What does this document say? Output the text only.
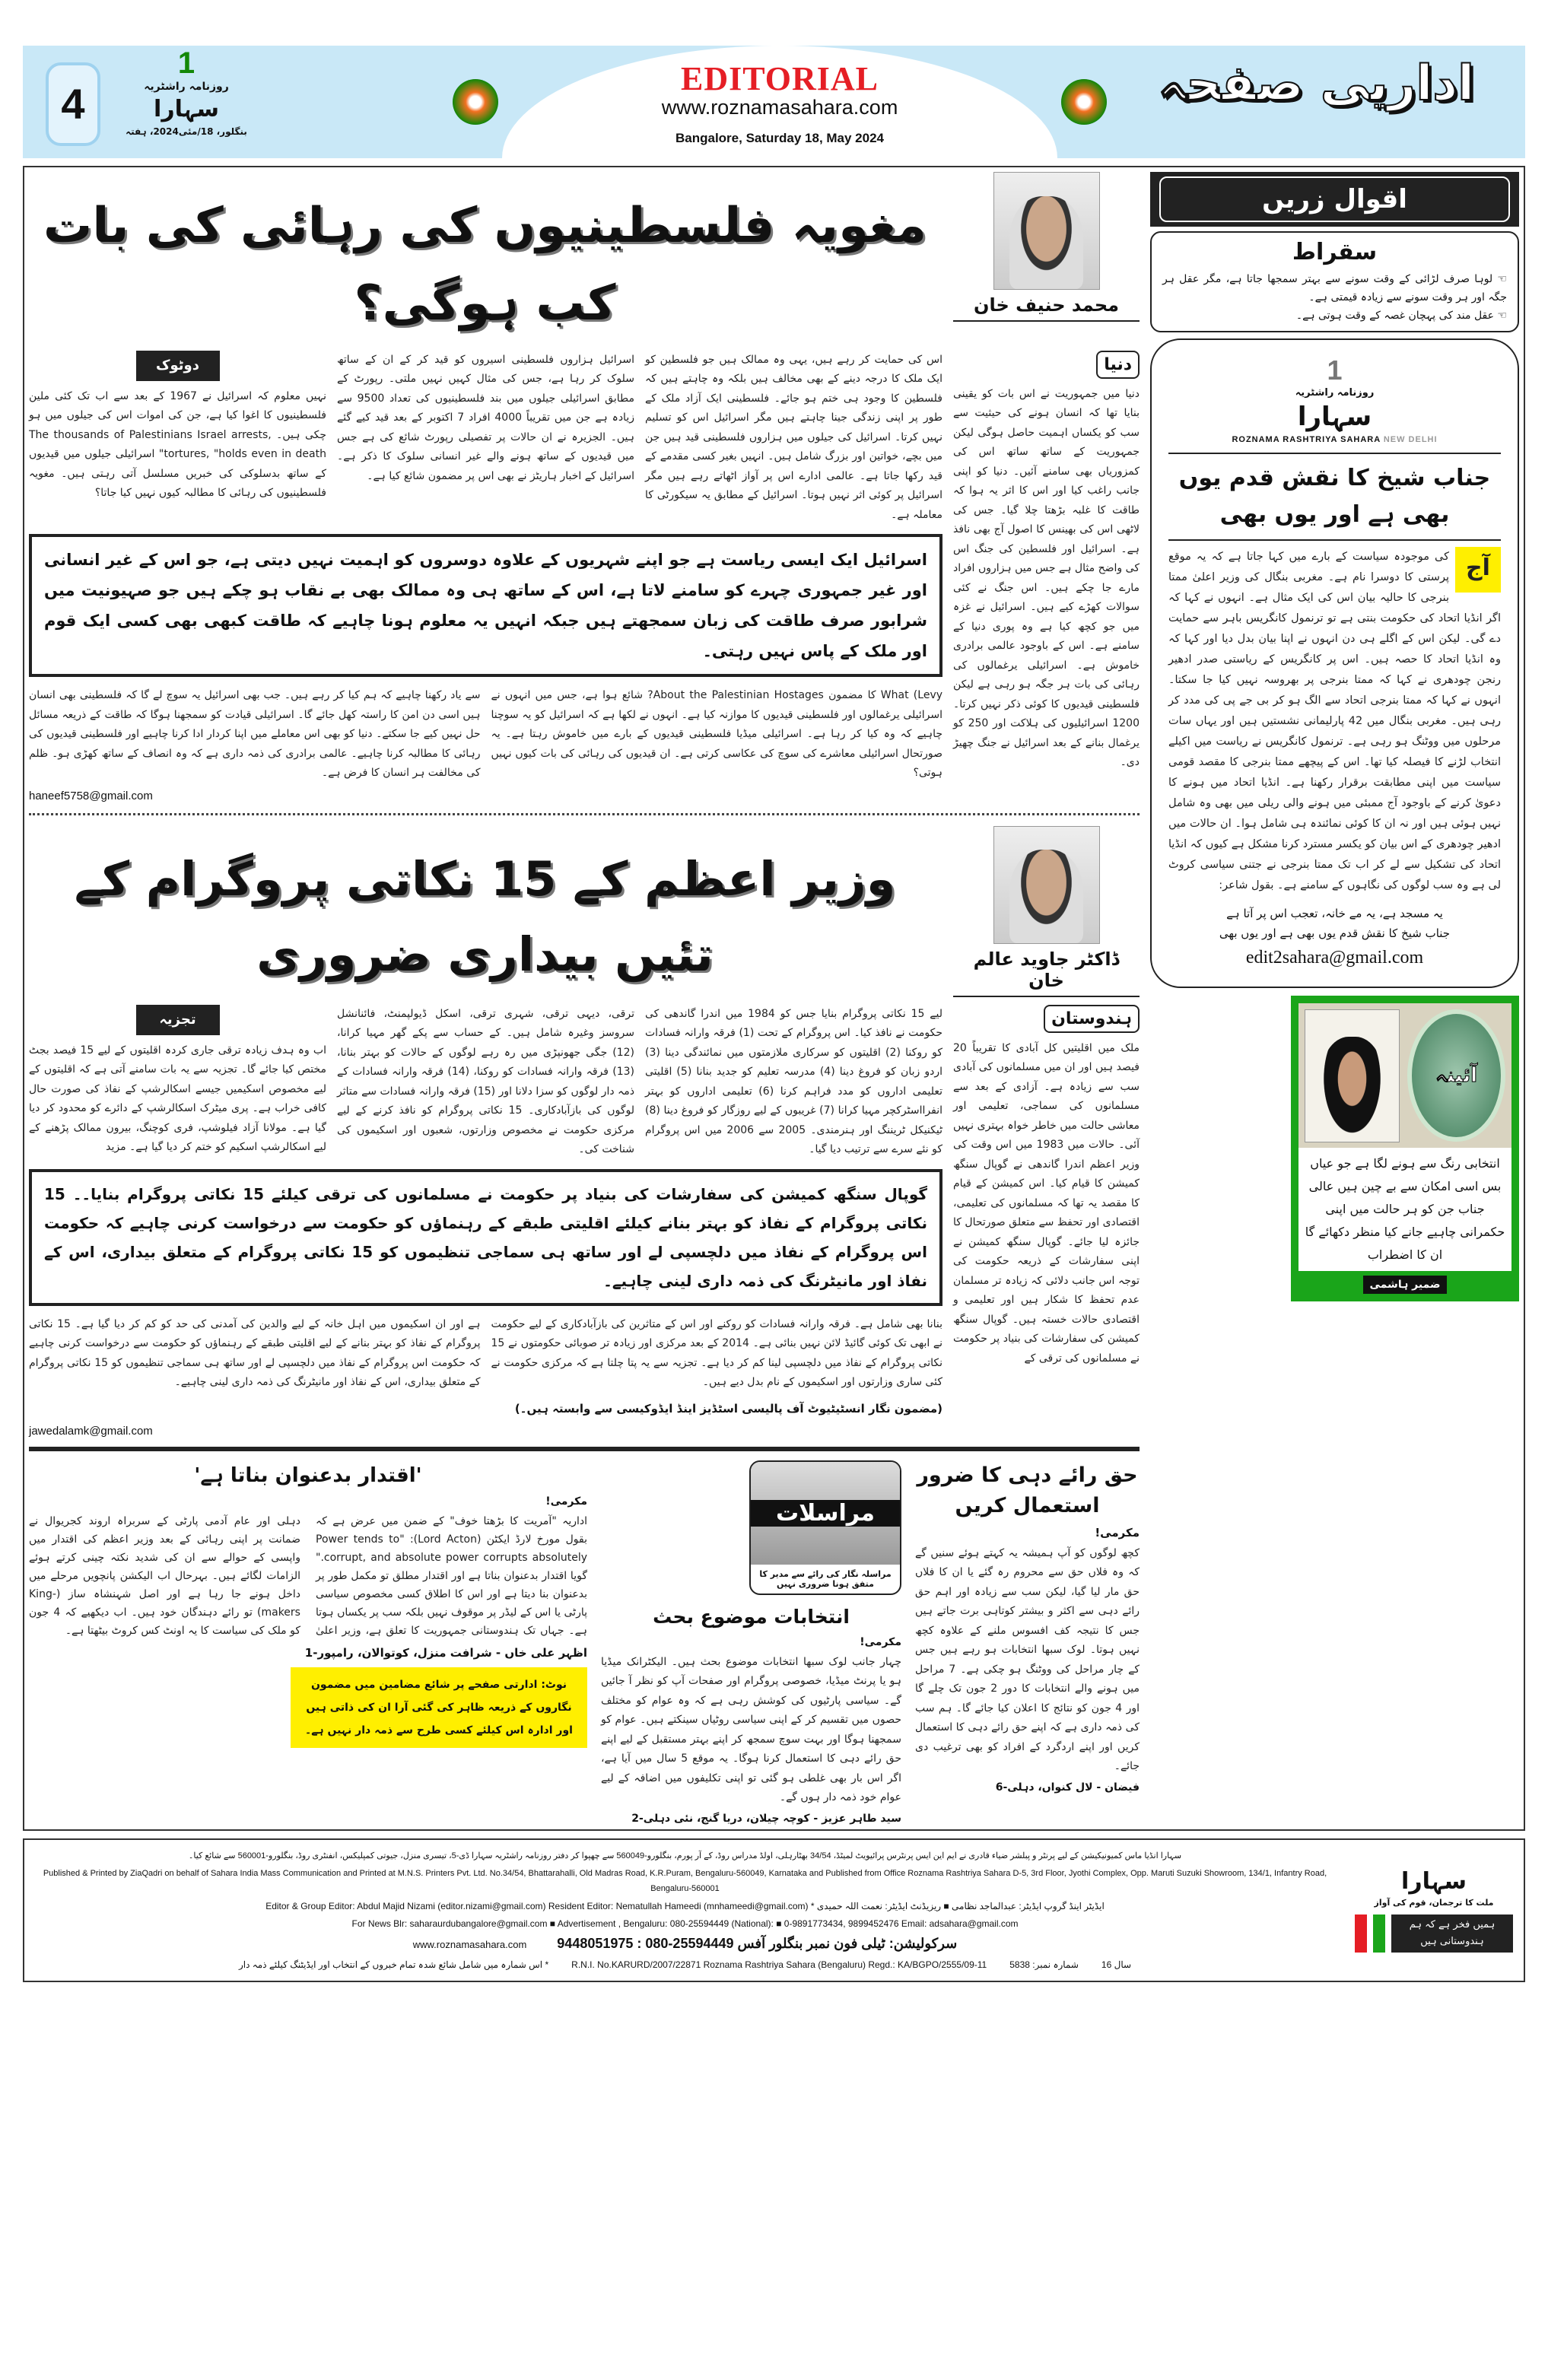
4
1
روزنامہ راشٹریہ
سہارا
بنگلور، 18/مئی2024، ہفتہ
EDITORIAL
www.roznamasahara.com
Bangalore, Saturday 18, May 2024
اداریی صفحہ
اقوال زریں
سقراط
☜ لوہا صرف لڑائی کے وقت سونے سے بہتر سمجھا جاتا ہے، مگر عقل ہر جگہ اور ہر وقت سونے سے زیادہ قیمتی ہے۔
☜ عقل مند کی پہچان غصہ کے وقت ہوتی ہے۔
1
روزنامہ راشٹریہ
سہارا
ROZNAMA RASHTRIYA SAHARA NEW DELHI
جناب شیخ کا نقش قدم یوں بھی ہے اور یوں بھی
آج
کی موجودہ سیاست کے بارے میں کہا جاتا ہے کہ یہ موقع پرستی کا دوسرا نام ہے۔ مغربی بنگال کی وزیر اعلیٰ ممتا بنرجی کا حالیہ بیان اس کی ایک مثال ہے۔ انہوں نے کہا کہ اگر انڈیا اتحاد کی حکومت بنتی ہے تو ترنمول کانگریس باہر سے حمایت دے گی۔ لیکن اس کے اگلے ہی دن انہوں نے اپنا بیان بدل دیا اور کہا کہ وہ انڈیا اتحاد کا حصہ ہیں۔ اس پر کانگریس کے ریاستی صدر ادھیر رنجن چودھری نے کہا کہ ممتا بنرجی پر بھروسہ نہیں کیا جا سکتا۔ انہوں نے کہا کہ ممتا بنرجی اتحاد سے الگ ہو کر بی جے پی کی مدد کر رہی ہیں۔ مغربی بنگال میں 42 پارلیمانی نشستیں ہیں اور یہاں سات مرحلوں میں ووٹنگ ہو رہی ہے۔ ترنمول کانگریس نے ریاست میں اکیلے انتخاب لڑنے کا فیصلہ کیا تھا۔ اس کے پیچھے ممتا بنرجی کا مقصد قومی سیاست میں اپنی مطابقت برقرار رکھنا ہے۔ انڈیا اتحاد میں ہونے کا دعویٰ کرنے کے باوجود آج ممبئی میں ہونے والی ریلی میں بھی وہ شامل نہیں ہوئی ہیں اور نہ ان کا کوئی نمائندہ ہی شامل ہوا۔ ان حالات میں ادھیر چودھری کے اس بیان کو یکسر مسترد کرنا مشکل ہے کیوں کہ انڈیا اتحاد کی تشکیل سے لے کر اب تک ممتا بنرجی نے جتنی سیاسی کروٹ لی ہے وہ سب لوگوں کی نگاہوں کے سامنے ہے۔ بقول شاعر:
یہ مسجد ہے، یہ مے خانہ، تعجب اس پر آتا ہے
جناب شیخ کا نقش قدم یوں بھی ہے اور یوں بھی
edit2sahara@gmail.com
آئینہ
انتخابی رنگ سے ہونے لگا ہے جو عیاں بس اسی امکان سے بے چین ہیں عالی جناب جن کو ہر حالت میں اپنی حکمرانی چاہیے جانے کیا منظر دکھائے گا ان کا اضطراب
ضمیر ہاشمی
محمد حنیف خان
مغویہ فلسطینیوں کی رہائی کی بات کب ہوگی؟
دنیا
دنیا میں جمہوریت نے اس بات کو یقینی بنایا تھا کہ انسان ہونے کی حیثیت سے سب کو یکساں اہمیت حاصل ہوگی لیکن جمہوریت کے ساتھ ساتھ اس کی کمزوریاں بھی سامنے آئیں۔ دنیا کو اپنی جانب راغب کیا اور اس کا اثر یہ ہوا کہ طاقت کا غلبہ بڑھتا چلا گیا۔ جس کی لاٹھی اس کی بھینس کا اصول آج بھی نافذ ہے۔ اسرائیل اور فلسطین کی جنگ اس کی واضح مثال ہے جس میں ہزاروں افراد مارے جا چکے ہیں۔ اس جنگ نے کئی سوالات کھڑے کیے ہیں۔ اسرائیل نے غزہ میں جو کچھ کیا ہے وہ پوری دنیا کے سامنے ہے۔ اس کے باوجود عالمی برادری خاموش ہے۔ اسرائیلی یرغمالوں کی رہائی کی بات ہر جگہ ہو رہی ہے لیکن فلسطینی قیدیوں کا کوئی ذکر نہیں کرتا۔ 1200 اسرائیلیوں کی ہلاکت اور 250 کو یرغمال بنانے کے بعد اسرائیل نے جنگ چھیڑ دی۔
اس کی حمایت کر رہے ہیں، یہی وہ ممالک ہیں جو فلسطین کو ایک ملک کا درجہ دینے کے بھی مخالف ہیں بلکہ وہ چاہتے ہیں کہ فلسطین کا وجود ہی ختم ہو جائے۔ فلسطینی ایک آزاد ملک کے طور پر اپنی زندگی جینا چاہتے ہیں مگر اسرائیل اس کو تسلیم نہیں کرتا۔ اسرائیل کی جیلوں میں ہزاروں فلسطینی قید ہیں جن میں بچے، خواتین اور بزرگ شامل ہیں۔ انہیں بغیر کسی مقدمے کے قید رکھا جاتا ہے۔ عالمی ادارے اس پر آواز اٹھاتے رہے ہیں مگر اسرائیل پر کوئی اثر نہیں ہوتا۔ اسرائیل کے مطابق یہ سیکورٹی کا معاملہ ہے۔
اسرائیل ہزاروں فلسطینی اسیروں کو قید کر کے ان کے ساتھ سلوک کر رہا ہے، جس کی مثال کہیں نہیں ملتی۔ رپورٹ کے مطابق اسرائیلی جیلوں میں بند فلسطینیوں کی تعداد 9500 سے زیادہ ہے جن میں تقریباً 4000 افراد 7 اکتوبر کے بعد قید کیے گئے ہیں۔ الجزیرہ نے ان حالات پر تفصیلی رپورٹ شائع کی ہے جس میں قیدیوں کے ساتھ ہونے والے غیر انسانی سلوک کا ذکر ہے۔ اسرائیل کے اخبار ہاریٹز نے بھی اس پر مضمون شائع کیا ہے۔
دوٹوک
نہیں معلوم کہ اسرائیل نے 1967 کے بعد سے اب تک کئی ملین فلسطینیوں کا اغوا کیا ہے، جن کی اموات اس کی جیلوں میں ہو چکی ہیں۔ The thousands of Palestinians Israel arrests, tortures, "holds even in death" اسرائیلی جیلوں میں قیدیوں کے ساتھ بدسلوکی کی خبریں مسلسل آتی رہتی ہیں۔ مغویہ فلسطینیوں کی رہائی کا مطالبہ کیوں نہیں کیا جاتا؟
اسرائیل ایک ایسی ریاست ہے جو اپنے شہریوں کے علاوہ دوسروں کو اہمیت نہیں دیتی ہے، جو اس کے غیر انسانی اور غیر جمہوری چہرے کو سامنے لاتا ہے، اس کے ساتھ ہی وہ ممالک بھی بے نقاب ہو چکے ہیں جو صہیونیت میں شرابور صرف طاقت کی زبان سمجھتے ہیں جبکہ انہیں یہ معلوم ہونا چاہیے کہ طاقت کبھی بھی کسی ایک قوم اور ملک کے پاس نہیں رہتی۔
What (Levy کا مضمون About the Palestinian Hostages? شائع ہوا ہے، جس میں انہوں نے اسرائیلی یرغمالوں اور فلسطینی قیدیوں کا موازنہ کیا ہے۔ انہوں نے لکھا ہے کہ اسرائیل کو یہ سوچنا چاہیے کہ وہ کیا کر رہا ہے۔ اسرائیلی میڈیا فلسطینی قیدیوں کے بارے میں خاموش رہتا ہے۔ یہ صورتحال اسرائیلی معاشرے کی سوچ کی عکاسی کرتی ہے۔ ان قیدیوں کی رہائی کی بات کیوں نہیں ہوتی؟
سے یاد رکھنا چاہیے کہ ہم کیا کر رہے ہیں۔ جب بھی اسرائیل یہ سوچ لے گا کہ فلسطینی بھی انسان ہیں اسی دن امن کا راستہ کھل جائے گا۔ اسرائیلی قیادت کو سمجھنا ہوگا کہ طاقت کے ذریعہ مسائل حل نہیں کیے جا سکتے۔ دنیا کو بھی اس معاملے میں اپنا کردار ادا کرنا چاہیے اور فلسطینی قیدیوں کی رہائی کا مطالبہ کرنا چاہیے۔ عالمی برادری کی ذمہ داری ہے کہ وہ انصاف کے ساتھ کھڑی ہو۔ ظلم کی مخالفت ہر انسان کا فرض ہے۔
haneef5758@gmail.com
ڈاکٹر جاوید عالم خان
وزیر اعظم کے 15 نکاتی پروگرام کے تئیں بیداری ضروری
ہندوستان
ملک میں اقلیتیں کل آبادی کا تقریباً 20 فیصد ہیں اور ان میں مسلمانوں کی آبادی سب سے زیادہ ہے۔ آزادی کے بعد سے مسلمانوں کی سماجی، تعلیمی اور معاشی حالت میں خاطر خواہ بہتری نہیں آئی۔ حالات میں 1983 میں اس وقت کی وزیر اعظم اندرا گاندھی نے گوپال سنگھ کمیشن کا قیام کیا۔ اس کمیشن کے قیام کا مقصد یہ تھا کہ مسلمانوں کی تعلیمی، اقتصادی اور تحفظ سے متعلق صورتحال کا جائزہ لیا جائے۔ گوپال سنگھ کمیشن نے اپنی سفارشات کے ذریعہ حکومت کی توجہ اس جانب دلائی کہ زیادہ تر مسلمان عدم تحفظ کا شکار ہیں اور تعلیمی و اقتصادی حالات خستہ ہیں۔ گوپال سنگھ کمیشن کی سفارشات کی بنیاد پر حکومت نے مسلمانوں کی ترقی کے
لیے 15 نکاتی پروگرام بنایا جس کو 1984 میں اندرا گاندھی کی حکومت نے نافذ کیا۔ اس پروگرام کے تحت (1) فرقہ وارانہ فسادات کو روکنا (2) اقلیتوں کو سرکاری ملازمتوں میں نمائندگی دینا (3) اردو زبان کو فروغ دینا (4) مدرسہ تعلیم کو جدید بنانا (5) اقلیتی تعلیمی اداروں کو مدد فراہم کرنا (6) تعلیمی اداروں کو بہتر انفرااسٹرکچر مہیا کرانا (7) غریبوں کے لیے روزگار کو فروغ دینا (8) ٹیکنیکل ٹریننگ اور ہنرمندی۔ 2005 سے 2006 میں اس پروگرام کو نئے سرے سے ترتیب دیا گیا۔
ترقی، دیہی ترقی، شہری ترقی، اسکل ڈیولپمنٹ، فائنانشل سروسز وغیرہ شامل ہیں۔ کے حساب سے پکے گھر مہیا کرانا، (12) جگی جھونپڑی میں رہ رہے لوگوں کے حالات کو بہتر بنانا، (13) فرقہ وارانہ فسادات کو روکنا، (14) فرقہ وارانہ فسادات کے ذمہ دار لوگوں کو سزا دلانا اور (15) فرقہ وارانہ فسادات سے متاثر لوگوں کی بازآبادکاری۔ 15 نکاتی پروگرام کو نافذ کرنے کے لیے مرکزی حکومت نے مخصوص وزارتوں، شعبوں اور اسکیموں کی شناخت کی۔
تجزیہ
اب وہ ہدف زیادہ ترقی جاری کردہ اقلیتوں کے لیے 15 فیصد بجٹ مختص کیا جائے گا۔ تجزیہ سے یہ بات سامنے آتی ہے کہ اقلیتوں کے لیے مخصوص اسکیمیں جیسے اسکالرشپ کے نفاذ کی صورت حال کافی خراب ہے۔ پری میٹرک اسکالرشپ کے دائرے کو محدود کر دیا گیا ہے۔ مولانا آزاد فیلوشپ، فری کوچنگ، بیرون ممالک پڑھنے کے لیے اسکالرشپ اسکیم کو ختم کر دیا گیا ہے۔ مزید
گوپال سنگھ کمیشن کی سفارشات کی بنیاد پر حکومت نے مسلمانوں کی ترقی کیلئے 15 نکاتی پروگرام بنایا۔۔ 15 نکاتی پروگرام کے نفاذ کو بہتر بنانے کیلئے اقلیتی طبقے کے رہنماؤں کو حکومت سے درخواست کرنی چاہیے کہ حکومت اس پروگرام کے نفاذ میں دلچسپی لے اور ساتھ ہی سماجی تنظیموں کو 15 نکاتی پروگرام کے متعلق بیداری، اس کے نفاذ اور مانیٹرنگ کی ذمہ داری لینی چاہیے۔
بنانا بھی شامل ہے۔ فرقہ وارانہ فسادات کو روکنے اور اس کے متاثرین کی بازآبادکاری کے لیے حکومت نے ابھی تک کوئی گائیڈ لائن نہیں بنائی ہے۔ 2014 کے بعد مرکزی اور زیادہ تر صوبائی حکومتوں نے 15 نکاتی پروگرام کے نفاذ میں دلچسپی لینا کم کر دیا ہے۔ تجزیہ سے یہ پتا چلتا ہے کہ مرکزی حکومت نے کئی ساری وزارتوں اور اسکیموں کے نام بدل دیے ہیں۔
ہے اور ان اسکیموں میں اہل خانہ کے لیے والدین کی آمدنی کی حد کو کم کر دیا گیا ہے۔ 15 نکاتی پروگرام کے نفاذ کو بہتر بنانے کے لیے اقلیتی طبقے کے رہنماؤں کو حکومت سے درخواست کرنی چاہیے کہ حکومت اس پروگرام کے نفاذ میں دلچسپی لے اور ساتھ ہی سماجی تنظیموں کو 15 نکاتی پروگرام کے متعلق بیداری، اس کے نفاذ اور مانیٹرنگ کی ذمہ داری لینی چاہیے۔
(مضمون نگار انسٹیٹیوٹ آف پالیسی اسٹڈیز اینڈ ایڈوکیسی سے وابستہ ہیں۔)
jawedalamk@gmail.com
حق رائے دہی کا ضرور استعمال کریں
مکرمی!
کچھ لوگوں کو آپ ہمیشہ یہ کہتے ہوئے سنیں گے کہ وہ فلاں حق سے محروم رہ گئے یا ان کا فلاں حق مار لیا گیا، لیکن سب سے زیادہ اور اہم حق رائے دہی سے اکثر و بیشتر کوتاہی برت جاتے ہیں جس کا نتیجہ کف افسوس ملنے کے علاوہ کچھ نہیں ہوتا۔ لوک سبھا انتخابات ہو رہے ہیں جس کے چار مراحل کی ووٹنگ ہو چکی ہے۔ 7 مراحل میں ہونے والے انتخابات کا دور 2 جون تک چلے گا اور 4 جون کو نتائج کا اعلان کیا جائے گا۔ ہم سب کی ذمہ داری ہے کہ اپنے حق رائے دہی کا استعمال کریں اور اپنے اردگرد کے افراد کو بھی ترغیب دی جائے۔
فیضان - لال کنواں، دہلی-6
مراسلات
مراسلہ نگار کی رائے سے مدیر کا متفق ہونا ضروری نہیں
انتخابات موضوع بحث
مکرمی!
چہار جانب لوک سبھا انتخابات موضوع بحث ہیں۔ الیکٹرانک میڈیا ہو یا پرنٹ میڈیا، خصوصی پروگرام اور صفحات آپ کو نظر آ جائیں گے۔ سیاسی پارٹیوں کی کوشش رہی ہے کہ وہ عوام کو مختلف حصوں میں تقسیم کر کے اپنی سیاسی روٹیاں سینکتے ہیں۔ عوام کو سمجھنا ہوگا اور بہت سوچ سمجھ کر اپنے بہتر مستقبل کے لیے اپنے حق رائے دہی کا استعمال کرنا ہوگا۔ یہ موقع 5 سال میں آیا ہے، اگر اس بار بھی غلطی ہو گئی تو اپنی تکلیفوں میں اضافہ کے لیے عوام خود ذمہ دار ہوں گے۔
سید طاہر عزیز - کوچہ چیلان، دریا گنج، نئی دہلی-2
'اقتدار بدعنوان بناتا ہے'
مکرمی!
اداریہ "آمریت کا بڑھتا خوف" کے ضمن میں عرض ہے کہ بقول مورخ لارڈ ایکٹن (Lord Acton): "Power tends to corrupt, and absolute power corrupts absolutely." گویا اقتدار بدعنوان بناتا ہے اور اقتدار مطلق تو مکمل طور پر بدعنوان بنا دیتا ہے اور اس کا اطلاق کسی مخصوص سیاسی پارٹی یا اس کے لیڈر پر موقوف نہیں بلکہ سب پر یکساں ہوتا ہے۔ جہاں تک ہندوستانی جمہوریت کا تعلق ہے، وزیر اعلیٰ دہلی اور عام آدمی پارٹی کے سربراہ اروند کجریوال نے ضمانت پر اپنی رہائی کے بعد وزیر اعظم کی اقتدار میں واپسی کے حوالے سے ان کی شدید نکتہ چینی کرتے ہوئے الزامات لگائے ہیں۔ بہرحال اب الیکشن پانچویں مرحلے میں داخل ہونے جا رہا ہے اور اصل شہنشاہ ساز (King-makers) تو رائے دہندگان خود ہیں۔ اب دیکھیے کہ 4 جون کو ملک کی سیاست کا یہ اونٹ کس کروٹ بیٹھتا ہے۔
اظہر علی خاں - شرافت منزل، کوتوالان، رامپور-1
نوٹ: ادارتی صفحے پر شائع مضامین میں مضمون نگاروں کے ذریعہ ظاہر کی گئی آرا ان کی ذاتی ہیں اور ادارہ اس کیلئے کسی طرح سے ذمہ دار نہیں ہے۔
سہارا
ملت کا ترجمان، قوم کی آواز
ہمیں فخر ہے کہ ہم ہندوستانی ہیں
سہارا انڈیا ماس کمیونیکیشن کے لیے پرنٹر و پبلشر ضیاء قادری نے ایم این ایس پرنٹرس پرائیویٹ لمیٹڈ، 34/54 بھٹارہلی، اولڈ مدراس روڈ، کے آر پورم، بنگلورو-560049 سے چھپوا کر دفتر روزنامہ راشٹریہ سہارا ڈی-5، تیسری منزل، جیوتی کمپلیکس، انفنٹری روڈ، بنگلورو-560001 سے شائع کیا۔
Published & Printed by ZiaQadri on behalf of Sahara India Mass Communication and Printed at M.N.S. Printers Pvt. Ltd. No.34/54, Bhattarahalli, Old Madras Road, K.R.Puram, Bengaluru-560049, Karnataka and Published from Office Roznama Rashtriya Sahara D-5, 3rd Floor, Jyothi Complex, Opp. Maruti Suzuki Showroom, 134/1, Infantry Road, Bengaluru-560001
Editor & Group Editor: Abdul Majid Nizami (editor.nizami@gmail.com) Resident Editor: Nematullah Hameedi (mnhameedi@gmail.com) * ایڈیٹر اینڈ گروپ ایڈیٹر: عبدالماجد نظامی ■ ریزیڈنٹ ایڈیٹر: نعمت اللہ حمیدی
For News Blr: saharaurdubangalore@gmail.com ■ Advertisement , Bengaluru: 080-25594449 (National): ■ 0-9891773434, 9899452476 Email: adsahara@gmail.com
www.roznamasahara.com 9448051975 : 080-25594449 سرکولیشن: ٹیلی فون نمبر بنگلور آفس
سال 16
شمارہ نمبر: 5838
R.N.I. No.KARURD/2007/22871 Roznama Rashtriya Sahara (Bengaluru) Regd.: KA/BGPO/2555/09-11
* اس شمارہ میں شامل شائع شدہ تمام خبروں کے انتخاب اور ایڈیٹنگ کیلئے ذمہ دار
